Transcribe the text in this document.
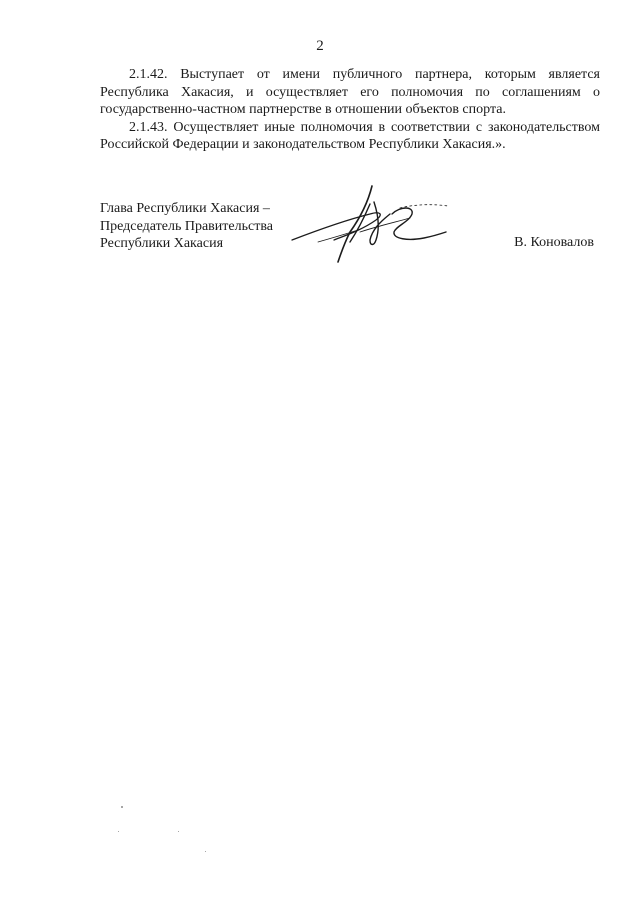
2

2.1.42. Выступает от имени публичного партнера, которым является Республика Хакасия, и осуществляет его полномочия по соглашениям о государственно-частном партнерстве в отношении объектов спорта.

2.1.43. Осуществляет иные полномочия в соответствии с законодательством Российской Федерации и законодательством Республики Хакасия.».

Глава Республики Хакасия –
Председатель Правительства
Республики Хакасия	В. Коновалов
